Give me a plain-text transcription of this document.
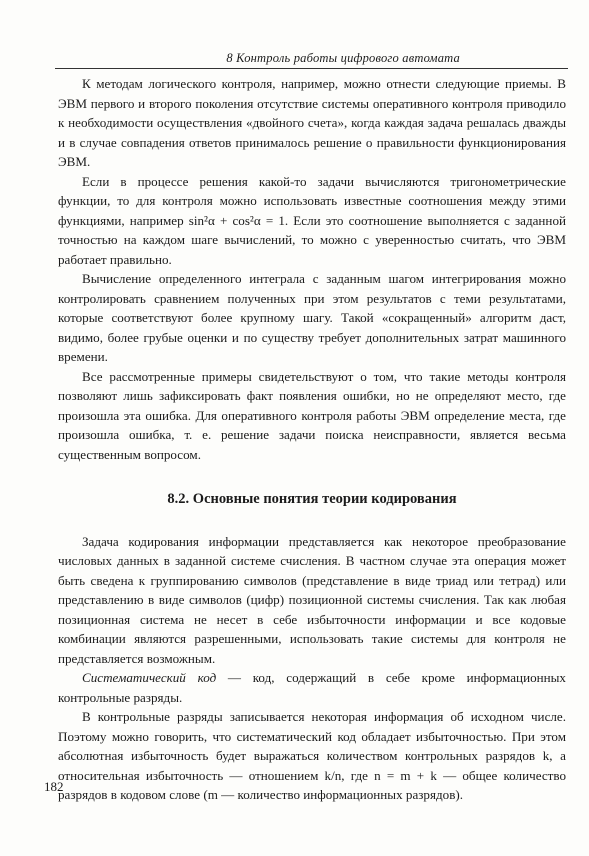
8 Контроль работы цифрового автомата

К методам логического контроля, например, можно отнести следующие приемы. В ЭВМ первого и второго поколения отсутствие системы оперативного контроля приводило к необходимости осуществления «двойного счета», когда каждая задача решалась дважды и в случае совпадения ответов принималось решение о правильности функционирования ЭВМ.

Если в процессе решения какой-то задачи вычисляются тригонометрические функции, то для контроля можно использовать известные соотношения между этими функциями, например sin²α + cos²α = 1. Если это соотношение выполняется с заданной точностью на каждом шаге вычислений, то можно с уверенностью считать, что ЭВМ работает правильно.

Вычисление определенного интеграла с заданным шагом интегрирования можно контролировать сравнением полученных при этом результатов с теми результатами, которые соответствуют более крупному шагу. Такой «сокращенный» алгоритм даст, видимо, более грубые оценки и по существу требует дополнительных затрат машинного времени.

Все рассмотренные примеры свидетельствуют о том, что такие методы контроля позволяют лишь зафиксировать факт появления ошибки, но не определяют место, где произошла эта ошибка. Для оперативного контроля работы ЭВМ определение места, где произошла ошибка, т. е. решение задачи поиска неисправности, является весьма существенным вопросом.

8.2. Основные понятия теории кодирования

Задача кодирования информации представляется как некоторое преобразование числовых данных в заданной системе счисления. В частном случае эта операция может быть сведена к группированию символов (представление в виде триад или тетрад) или представлению в виде символов (цифр) позиционной системы счисления. Так как любая позиционная система не несет в себе избыточности информации и все кодовые комбинации являются разрешенными, использовать такие системы для контроля не представляется возможным.

Систематический код — код, содержащий в себе кроме информационных контрольные разряды.

В контрольные разряды записывается некоторая информация об исходном числе. Поэтому можно говорить, что систематический код обладает избыточностью. При этом абсолютная избыточность будет выражаться количеством контрольных разрядов k, а относительная избыточность — отношением k/n, где n = m + k — общее количество разрядов в кодовом слове (m — количество информационных разрядов).

182
